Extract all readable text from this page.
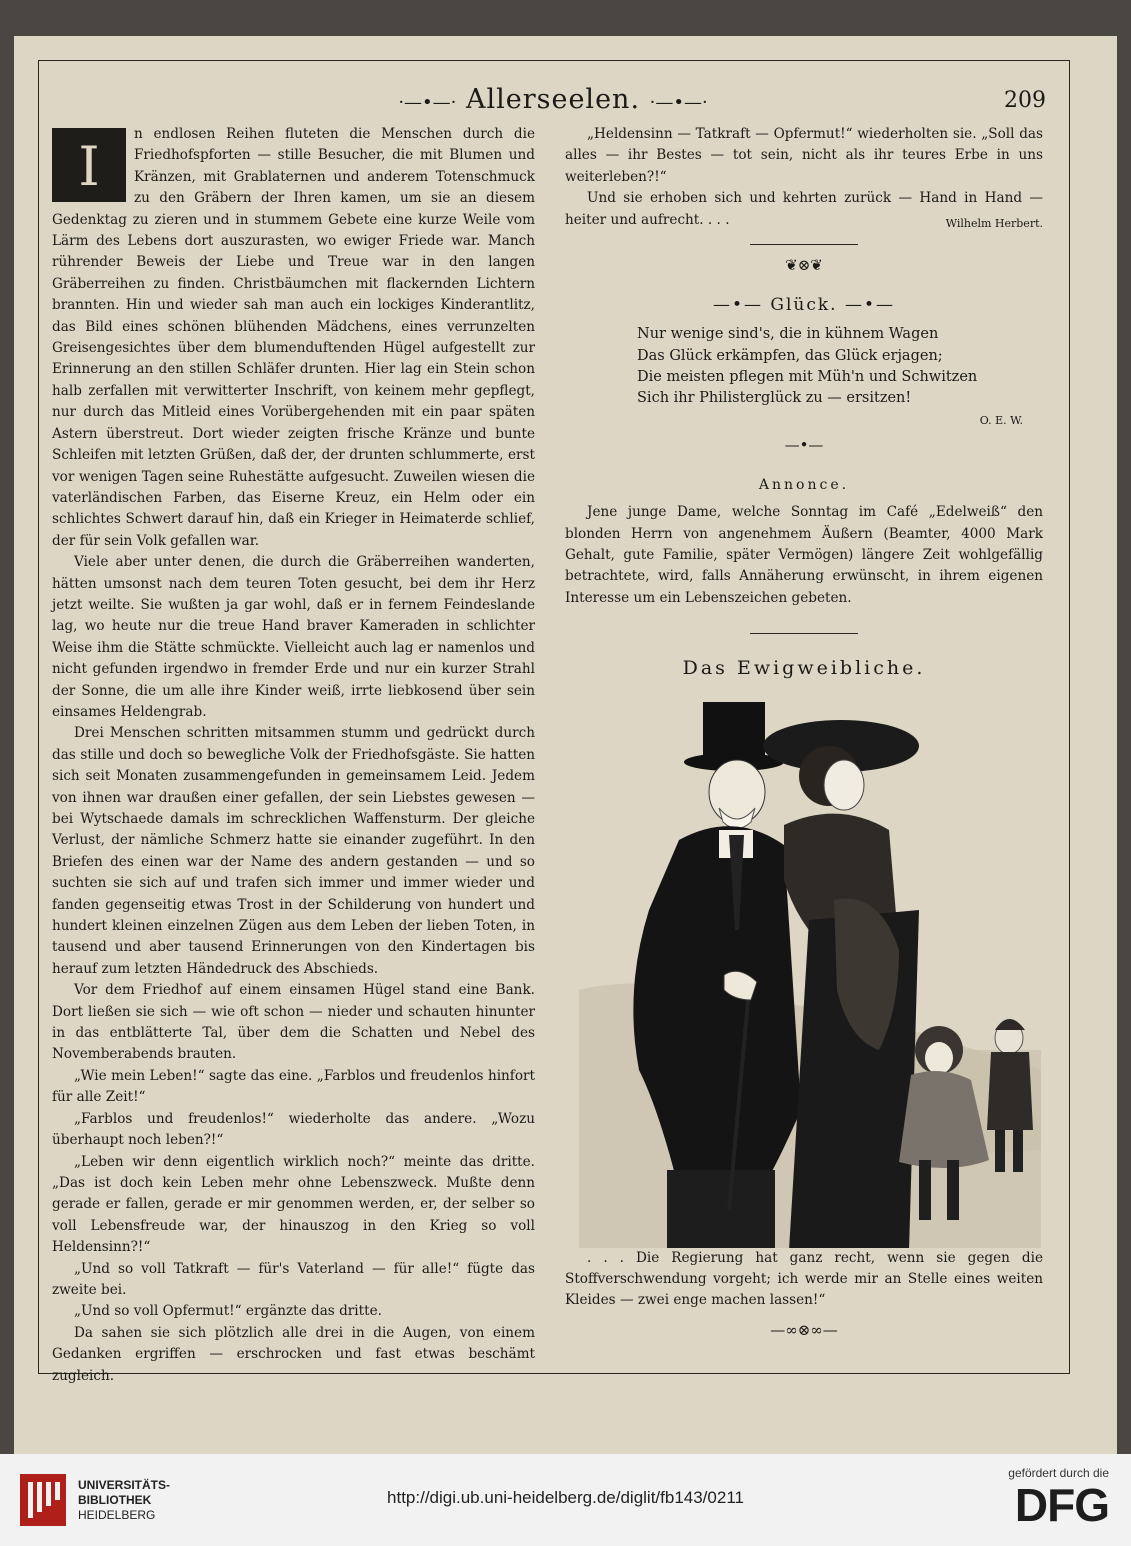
·—•—· Allerseelen. ·—•—·	209

I
n endlosen Reihen fluteten die Menschen durch die Friedhofspforten — stille Besucher, die mit Blumen und Kränzen, mit Grablaternen und anderem Totenschmuck zu den Gräbern der Ihren kamen, um sie an diesem Gedenktag zu zieren und in stummem Gebete eine kurze Weile vom Lärm des Lebens dort auszurasten, wo ewiger Friede war. Manch rührender Beweis der Liebe und Treue war in den langen Gräberreihen zu finden. Christbäumchen mit flackernden Lichtern brannten. Hin und wieder sah man auch ein lockiges Kinderantlitz, das Bild eines schönen blühenden Mädchens, eines verrunzelten Greisengesichtes über dem blumenduftenden Hügel aufgestellt zur Erinnerung an den stillen Schläfer drunten. Hier lag ein Stein schon halb zerfallen mit verwitterter Inschrift, von keinem mehr gepflegt, nur durch das Mitleid eines Vorübergehenden mit ein paar späten Astern überstreut. Dort wieder zeigten frische Kränze und bunte Schleifen mit letzten Grüßen, daß der, der drunten schlummerte, erst vor wenigen Tagen seine Ruhestätte aufgesucht. Zuweilen wiesen die vaterländischen Farben, das Eiserne Kreuz, ein Helm oder ein schlichtes Schwert darauf hin, daß ein Krieger in Heimaterde schlief, der für sein Volk gefallen war.

Viele aber unter denen, die durch die Gräberreihen wanderten, hätten umsonst nach dem teuren Toten gesucht, bei dem ihr Herz jetzt weilte. Sie wußten ja gar wohl, daß er in fernem Feindeslande lag, wo heute nur die treue Hand braver Kameraden in schlichter Weise ihm die Stätte schmückte. Vielleicht auch lag er namenlos und nicht gefunden irgendwo in fremder Erde und nur ein kurzer Strahl der Sonne, die um alle ihre Kinder weiß, irrte liebkosend über sein einsames Heldengrab.

Drei Menschen schritten mitsammen stumm und gedrückt durch das stille und doch so bewegliche Volk der Friedhofsgäste. Sie hatten sich seit Monaten zusammengefunden in gemeinsamem Leid. Jedem von ihnen war draußen einer gefallen, der sein Liebstes gewesen — bei Wytschaede damals im schrecklichen Waffensturm. Der gleiche Verlust, der nämliche Schmerz hatte sie einander zugeführt. In den Briefen des einen war der Name des andern gestanden — und so suchten sie sich auf und trafen sich immer und immer wieder und fanden gegenseitig etwas Trost in der Schilderung von hundert und hundert kleinen einzelnen Zügen aus dem Leben der lieben Toten, in tausend und aber tausend Erinnerungen von den Kindertagen bis herauf zum letzten Händedruck des Abschieds.

Vor dem Friedhof auf einem einsamen Hügel stand eine Bank. Dort ließen sie sich — wie oft schon — nieder und schauten hinunter in das entblätterte Tal, über dem die Schatten und Nebel des Novemberabends brauten.

„Wie mein Leben!“ sagte das eine. „Farblos und freudenlos hinfort für alle Zeit!“

„Farblos und freudenlos!“ wiederholte das andere. „Wozu überhaupt noch leben?!“

„Leben wir denn eigentlich wirklich noch?“ meinte das dritte. „Das ist doch kein Leben mehr ohne Lebenszweck. Mußte denn gerade er fallen, gerade er mir genommen werden, er, der selber so voll Lebensfreude war, der hinauszog in den Krieg so voll Heldensinn?!“

„Und so voll Tatkraft — für's Vaterland — für alle!“ fügte das zweite bei.

„Und so voll Opfermut!“ ergänzte das dritte.

Da sahen sie sich plötzlich alle drei in die Augen, von einem Gedanken ergriffen — erschrocken und fast etwas beschämt zugleich.

„Heldensinn — Tatkraft — Opfermut!“ wiederholten sie. „Soll das alles — ihr Bestes — tot sein, nicht als ihr teures Erbe in uns weiterleben?!“

Und sie erhoben sich und kehrten zurück — Hand in Hand — heiter und aufrecht. . . .	Wilhelm Herbert.
❦⊗❦
—•— Glück. —•—
Nur wenige sind's, die in kühnem Wagen
Das Glück erkämpfen, das Glück erjagen;
Die meisten pflegen mit Müh'n und Schwitzen
Sich ihr Philisterglück zu — ersitzen!
O. E. W.
—•—
Annonce.

Jene junge Dame, welche Sonntag im Café „Edelweiß“ den blonden Herrn von angenehmem Äußern (Beamter, 4000 Mark Gehalt, gute Familie, später Vermögen) längere Zeit wohlgefällig betrachtete, wird, falls Annäherung erwünscht, in ihrem eigenen Interesse um ein Lebenszeichen gebeten.

Das Ewigweibliche.
F. Francke 10

. . . Die Regierung hat ganz recht, wenn sie gegen die Stoffverschwendung vorgeht; ich werde mir an Stelle eines weiten Kleides — zwei enge machen lassen!“

—∞⊗∞—
UNIVERSITÄTS-
BIBLIOTHEK
HEIDELBERG
http://digi.ub.uni-heidelberg.de/diglit/fb143/0211
gefördert durch die
DFG
